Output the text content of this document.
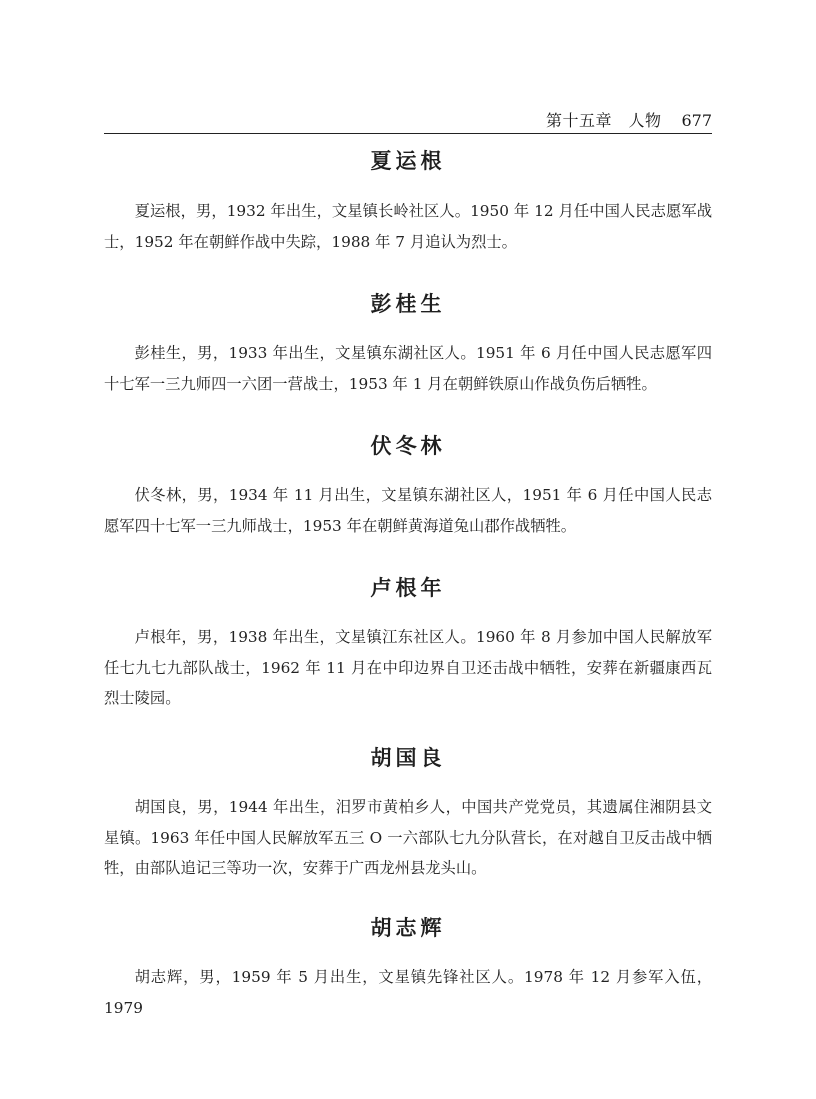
第十五章　人物 677
夏运根

夏运根，男，1932 年出生，文星镇长岭社区人。1950 年 12 月任中国人民志愿军战士，1952 年在朝鲜作战中失踪，1988 年 7 月追认为烈士。

彭桂生

彭桂生，男，1933 年出生，文星镇东湖社区人。1951 年 6 月任中国人民志愿军四十七军一三九师四一六团一营战士，1953 年 1 月在朝鲜铁原山作战负伤后牺牲。

伏冬林

伏冬林，男，1934 年 11 月出生，文星镇东湖社区人，1951 年 6 月任中国人民志愿军四十七军一三九师战士，1953 年在朝鲜黄海道兔山郡作战牺牲。

卢根年

卢根年，男，1938 年出生，文星镇江东社区人。1960 年 8 月参加中国人民解放军任七九七九部队战士，1962 年 11 月在中印边界自卫还击战中牺牲，安葬在新疆康西瓦烈士陵园。

胡国良

胡国良，男，1944 年出生，汨罗市黄柏乡人，中国共产党党员，其遗属住湘阴县文星镇。1963 年任中国人民解放军五三 O 一六部队七九分队营长，在对越自卫反击战中牺牲，由部队追记三等功一次，安葬于广西龙州县龙头山。

胡志辉

胡志辉，男，1959 年 5 月出生，文星镇先锋社区人。1978 年 12 月参军入伍，1979
